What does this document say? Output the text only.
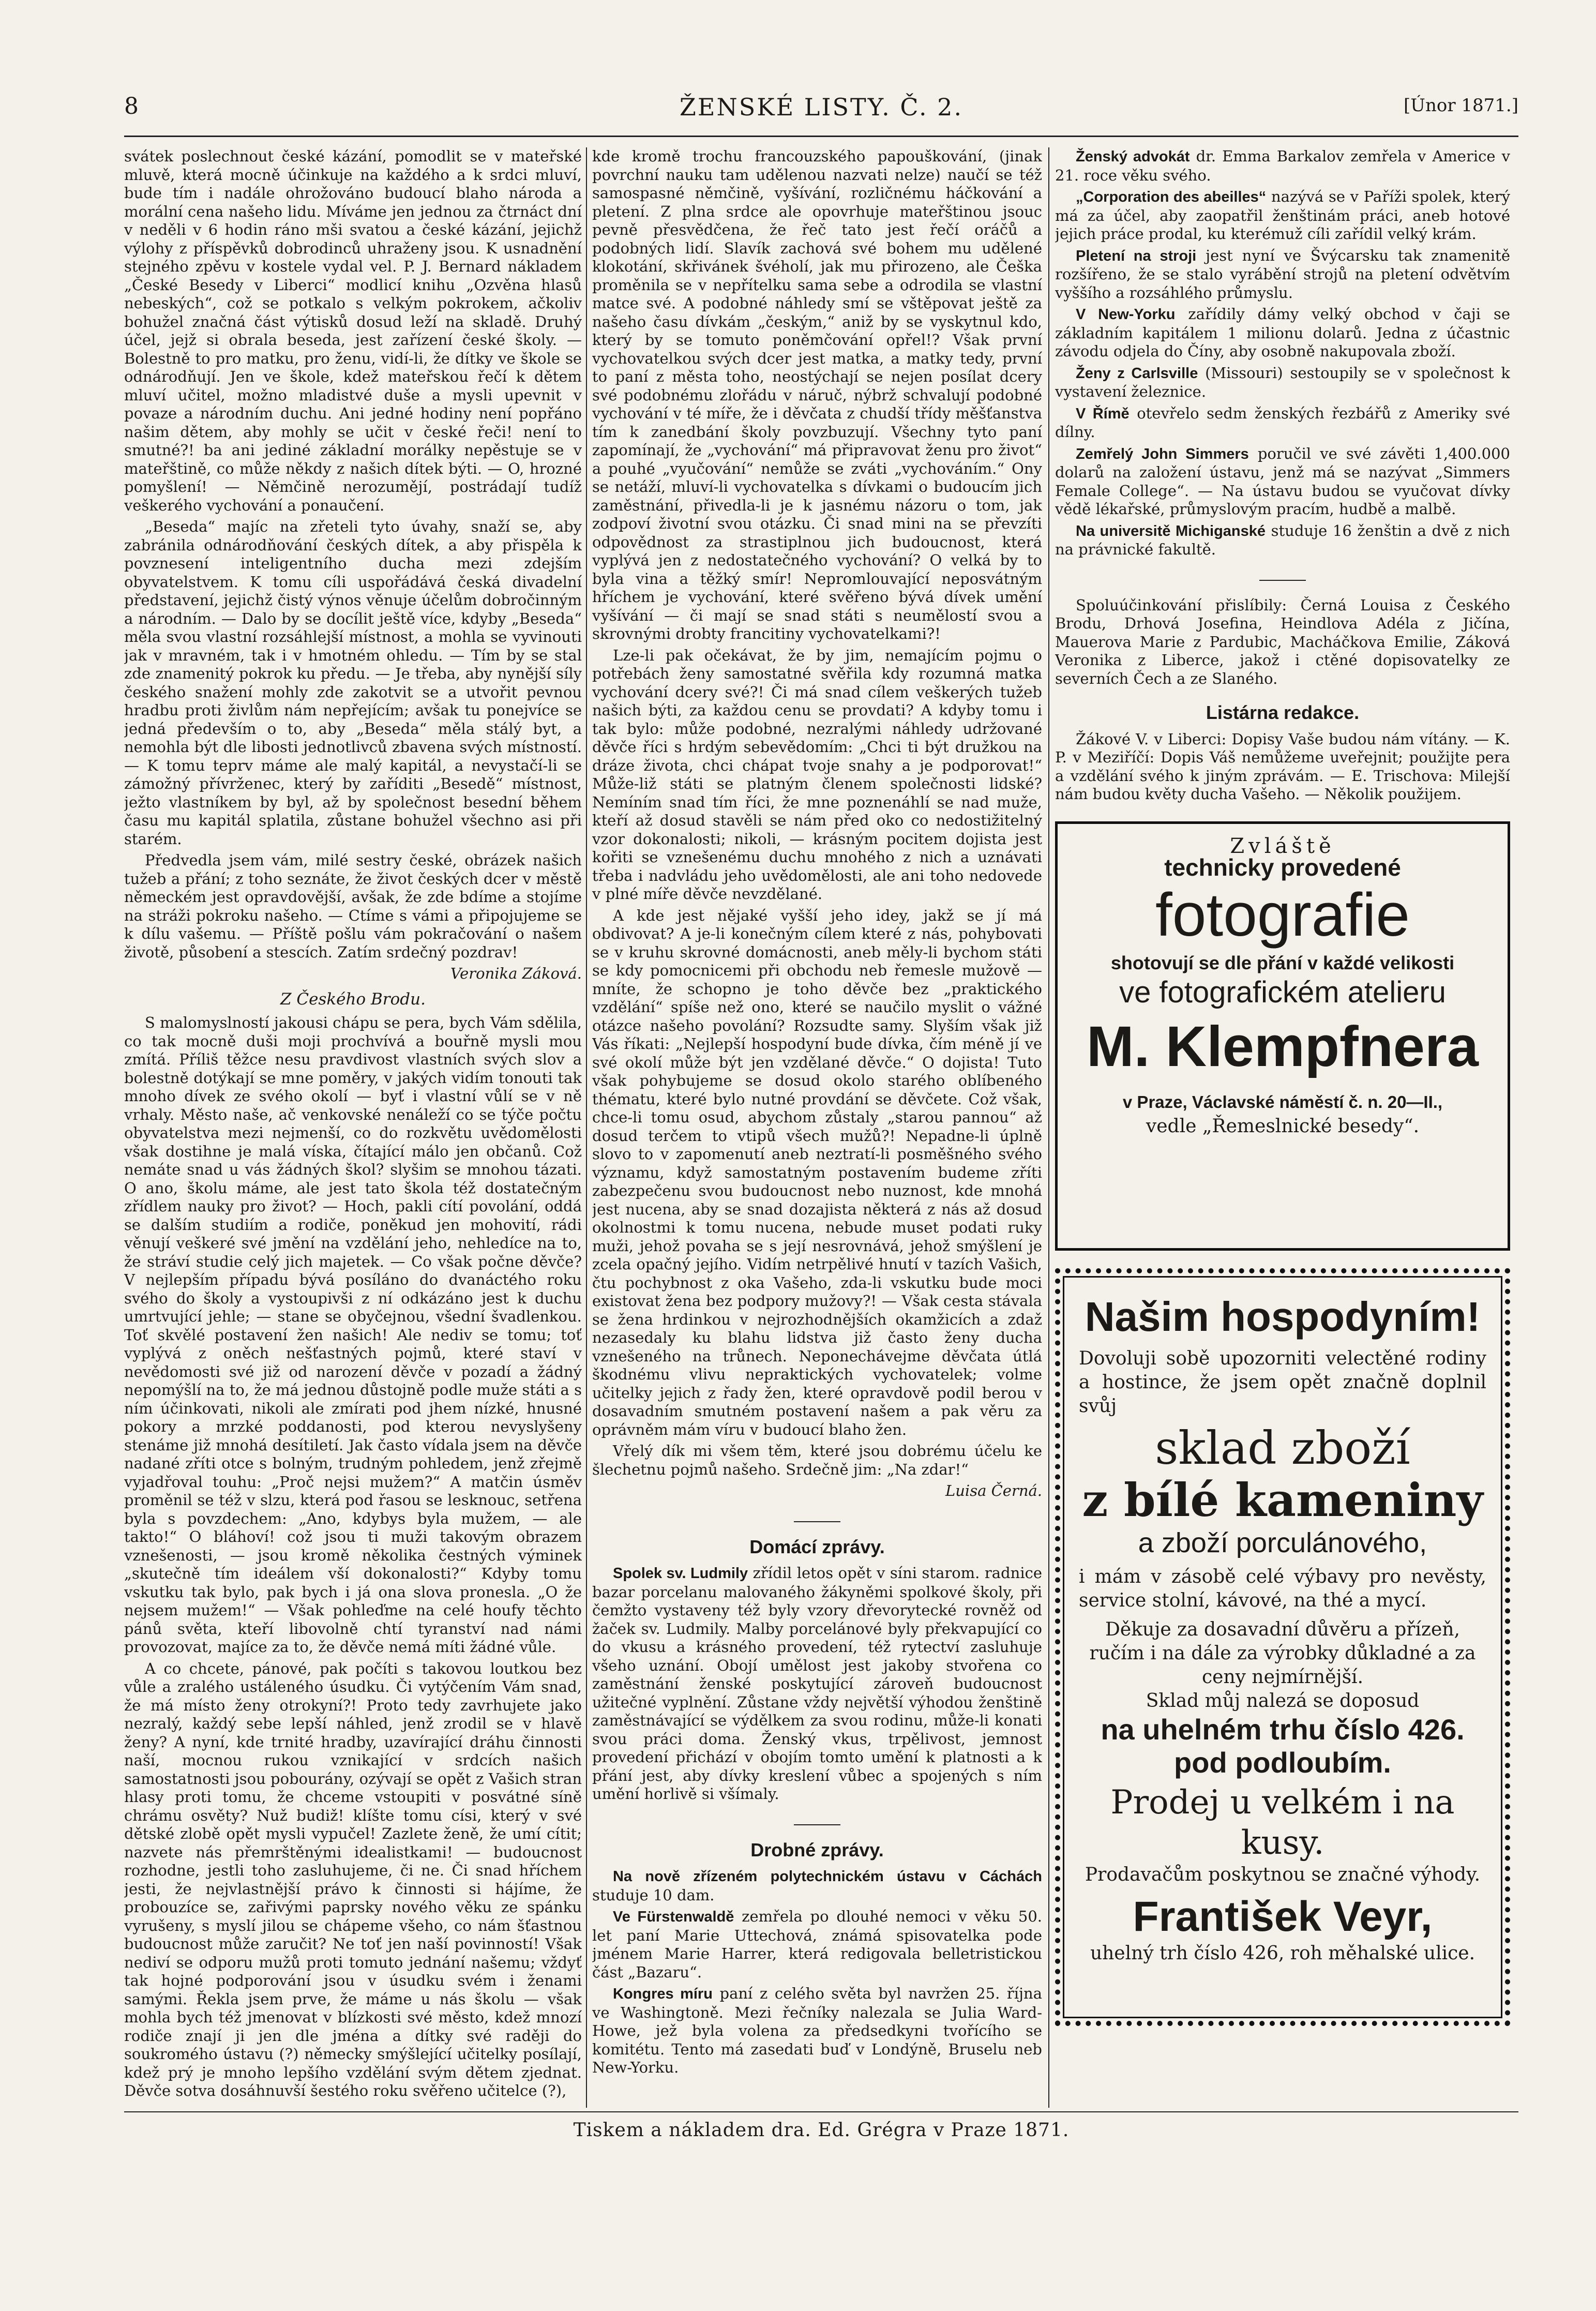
8	ŽENSKÉ LISTY. Č. 2.	[Únor 1871.]

svátek poslechnout české kázání, pomodlit se v mateřské mluvě, která mocně účinkuje na každého a k srdci mluví, bude tím i nadále ohrožováno budoucí blaho národa a morální cena našeho lidu. Míváme jen jednou za čtrnáct dní v neděli v 6 hodin ráno mši svatou a české kázání, jejichž výlohy z příspěvků dobrodinců uhraženy jsou. K usnadnění stejného zpěvu v kostele vydal vel. P. J. Bernard nákladem „České Besedy v Liberci“ modlicí knihu „Ozvěna hlasů nebeských“, což se potkalo s velkým pokrokem, ačkoliv bohužel značná část výtisků dosud leží na skladě. Druhý účel, jejž si obrala beseda, jest zařízení české školy. — Bolestně to pro matku, pro ženu, vidí-li, že dítky ve škole se odnárodňují. Jen ve škole, kdež mateřskou řečí k dětem mluví učitel, možno mladistvé duše a mysli upevnit v povaze a národním duchu. Ani jedné hodiny není popřáno našim dětem, aby mohly se učit v české řeči! není to smutné?! ba ani jediné základní morálky nepěstuje se v mateřštině, co může někdy z našich dítek býti. — O, hrozné pomyšlení! — Němčině nerozumějí, postrádají tudíž veškerého vychování a ponaučení.

„Beseda“ majíc na zřeteli tyto úvahy, snaží se, aby zabránila odnárodňování českých dítek, a aby přispěla k povznesení inteligentního ducha mezi zdejším obyvatelstvem. K tomu cíli uspořádává česká divadelní představení, jejichž čistý výnos věnuje účelům dobročinným a národním. — Dalo by se docílit ještě více, kdyby „Beseda“ měla svou vlastní rozsáhlejší místnost, a mohla se vyvinouti jak v mravném, tak i v hmotném ohledu. — Tím by se stal zde znamenitý pokrok ku předu. — Je třeba, aby nynější síly českého snažení mohly zde zakotvit se a utvořit pevnou hradbu proti živlům nám nepřejícím; avšak tu ponejvíce se jedná především o to, aby „Beseda“ měla stálý byt, a nemohla být dle libosti jednotlivců zbavena svých místností. — K tomu teprv máme ale malý kapitál, a nevystačí-li se zámožný přívrženec, který by zaříditi „Besedě“ místnost, ježto vlastníkem by byl, až by společnost besední během času mu kapitál splatila, zůstane bohužel všechno asi při starém.

Předvedla jsem vám, milé sestry české, obrázek našich tužeb a přání; z toho seznáte, že život českých dcer v městě německém jest opravdovější, avšak, že zde bdíme a stojíme na stráži pokroku našeho. — Ctíme s vámi a připojujeme se k dílu vašemu. — Příště pošlu vám pokračování o našem životě, působení a stescích. Zatím srdečný pozdrav!

Veronika Záková.
Z Českého Brodu.

S malomyslností jakousi chápu se pera, bych Vám sdělila, co tak mocně duši moji prochvívá a bouřně mysli mou zmítá. Příliš těžce nesu pravdivost vlastních svých slov a bolestně dotýkají se mne poměry, v jakých vidím tonouti tak mnoho dívek ze svého okolí — byť i vlastní vůlí se v ně vrhaly. Město naše, ač venkovské nenáleží co se týče počtu obyvatelstva mezi nejmenší, co do rozkvětu uvědomělosti však dostihne je malá víska, čítající málo jen občanů. Což nemáte snad u vás žádných škol? slyšim se mnohou tázati. O ano, školu máme, ale jest tato škola též dostatečným zřídlem nauky pro život? — Hoch, pakli cítí povolání, oddá se dalším studiím a rodiče, poněkud jen mohovití, rádi věnují veškeré své jmění na vzdělání jeho, nehledíce na to, že stráví studie celý jich majetek. — Co však počne děvče? V nejlepším případu bývá posíláno do dvanáctého roku svého do školy a vystoupivši z ní odkázáno jest k duchu umrtvující jehle; — stane se obyčejnou, všední švadlenkou. Toť skvělé postavení žen našich! Ale nediv se tomu; toť vyplývá z oněch nešťastných pojmů, které staví v nevědomosti své již od narození děvče v pozadí a žádný nepomýšlí na to, že má jednou důstojně podle muže státi a s ním účinkovati, nikoli ale zmírati pod jhem nízké, hnusné pokory a mrzké poddanosti, pod kterou nevyslyšeny stenáme již mnohá desítiletí. Jak často vídala jsem na děvče nadané zříti otce s bolným, trudným pohledem, jenž zřejmě vyjadřoval touhu: „Proč nejsi mužem?“ A matčin úsměv proměnil se též v slzu, která pod řasou se lesknouc, setřena byla s povzdechem: „Ano, kdybys byla mužem, — ale takto!“ O bláhoví! což jsou ti muži takovým obrazem vznešenosti, — jsou kromě několika čestných výminek „skutečně tím ideálem vší dokonalosti?“ Kdyby tomu vskutku tak bylo, pak bych i já ona slova pronesla. „O že nejsem mužem!“ — Však pohleďme na celé houfy těchto pánů světa, kteří libovolně chtí tyranství nad námi provozovat, majíce za to, že děvče nemá míti žádné vůle.

A co chcete, pánové, pak počíti s takovou loutkou bez vůle a zralého ustáleného úsudku. Či vytýčením Vám snad, že má místo ženy otrokyní?! Proto tedy zavrhujete jako nezralý, každý sebe lepší náhled, jenž zrodil se v hlavě ženy? A nyní, kde trnité hradby, uzavírající dráhu činnosti naší, mocnou rukou vznikající v srdcích našich samostatnosti jsou pobourány, ozývají se opět z Vašich stran hlasy proti tomu, že chceme vstoupiti v posvátné síně chrámu osvěty? Nuž budiž! klíšte tomu císi, který v své dětské zlobě opět mysli vypučel! Zazlete ženě, že umí cítit; nazvete nás přemrštěnými idealistkami! — budoucnost rozhodne, jestli toho zasluhujeme, či ne. Či snad hříchem jesti, že nejvlastnější právo k činnosti si hájíme, že probouzíce se, zařivými paprsky nového věku ze spánku vyrušeny, s myslí jilou se chápeme všeho, co nám šťastnou budoucnost může zaručit? Ne toť jen naší povinností! Však nediví se odporu mužů proti tomuto jednání našemu; vždyť tak hojné podporování jsou v úsudku svém i ženami samými. Řekla jsem prve, že máme u nás školu — však mohla bych též jmenovat v blízkosti své město, kdež mnozí rodiče znají ji jen dle jména a dítky své raději do soukromého ústavu (?) německy smýšlející učitelky posílají, kdež prý je mnoho lepšího vzdělání svým dětem zjednat. Děvče sotva dosáhnuvší šestého roku svěřeno učitelce (?),

kde kromě trochu francouzského papouškování, (jinak povrchní nauku tam udělenou nazvati nelze) naučí se též samospasné němčině, vyšívání, rozličnému háčkování a pletení. Z plna srdce ale opovrhuje mateřštinou jsouc pevně přesvědčena, že řeč tato jest řečí oráčů a podobných lidí. Slavík zachová své bohem mu udělené klokotání, skřivánek švéholí, jak mu přirozeno, ale Češka proměnila se v nepřítelku sama sebe a odrodila se vlastní matce své. A podobné náhledy smí se vštěpovat ještě za našeho času dívkám „českým,“ aniž by se vyskytnul kdo, který by se tomuto poněmčování opřel!? Však první vychovatelkou svých dcer jest matka, a matky tedy, první to paní z města toho, neostýchají se nejen posílat dcery své podobnému zlořádu v náruč, nýbrž schvalují podobné vychování v té míře, že i děvčata z chudší třídy měšťanstva tím k zanedbání školy povzbuzují. Všechny tyto paní zapomínají, že „vychování“ má připravovat ženu pro život“ a pouhé „vyučování“ nemůže se zváti „vychováním.“ Ony se netáží, mluví-li vychovatelka s dívkami o budoucím jich zaměstnání, přivedla-li je k jasnému názoru o tom, jak zodpoví životní svou otázku. Či snad mini na se převzíti odpovědnost za strastiplnou jich budoucnost, která vyplývá jen z nedostatečného vychování? O velká by to byla vina a těžký smír! Nepromlouvající neposvátným hříchem je vychování, které svěřeno bývá dívek umění vyšívání — či mají se snad státi s neumělostí svou a skrovnými drobty francitiny vychovatelkami?!

Lze-li pak očekávat, že by jim, nemajícím pojmu o potřebách ženy samostatné svěřila kdy rozumná matka vychování dcery své?! Či má snad cílem veškerých tužeb našich býti, za každou cenu se provdati? A kdyby tomu i tak bylo: může podobné, nezralými náhledy udržované děvče říci s hrdým sebevědomím: „Chci ti být družkou na dráze života, chci chápat tvoje snahy a je podporovat!“ Může-liž státi se platným členem společnosti lidské? Nemíním snad tím říci, že mne poznenáhlí se nad muže, kteří až dosud stavěli se nám před oko co nedostižitelný vzor dokonalosti; nikoli, — krásným pocitem dojista jest kořiti se vznešenému duchu mnohého z nich a uznávati třeba i nadvládu jeho uvědomělosti, ale ani toho nedovede v plné míře děvče nevzdělané.

A kde jest nějaké vyšší jeho idey, jakž se jí má obdivovat? A je-li konečným cílem které z nás, pohybovati se v kruhu skrovné domácnosti, aneb měly-li bychom státi se kdy pomocnicemi při obchodu neb řemesle mužově — mníte, že schopno je toho děvče bez „praktického vzdělání“ spíše než ono, které se naučilo myslit o vážné otázce našeho povolání? Rozsudte samy. Slyším však již Vás říkati: „Nejlepší hospodyní bude dívka, čím méně jí ve své okolí může být jen vzdělané děvče.“ O dojista! Tuto však pohybujeme se dosud okolo starého oblíbeného thématu, které bylo nutné provdání se děvčete. Což však, chce-li tomu osud, abychom zůstaly „starou pannou“ až dosud terčem to vtipů všech mužů?! Nepadne-li úplně slovo to v zapomenutí aneb neztratí-li posměšného svého významu, když samostatným postavením budeme zříti zabezpečenu svou budoucnost nebo nuznost, kde mnohá jest nucena, aby se snad dozajista některá z nás až dosud okolnostmi k tomu nucena, nebude muset podati ruky muži, jehož povaha se s její nesrovnává, jehož smýšlení je zcela opačný jejího. Vidím netrpělivé hnutí v tazích Vašich, čtu pochybnost z oka Vašeho, zda-li vskutku bude moci existovat žena bez podpory mužovy?! — Však cesta stávala se žena hrdinkou v nejrozhodnějších okamžicích a zdaž nezasedaly ku blahu lidstva již často ženy ducha vznešeného na trůnech. Neponechávejme děvčata útlá škodnému vlivu nepraktických vychovatelek; volme učitelky jejich z řady žen, které opravdově podil berou v dosavadním smutném postavení našem a pak věru za oprávněm mám víru v budoucí blaho žen.

Vřelý dík mi všem těm, které jsou dobrému účelu ke šlechetnu pojmů našeho. Srdečně jim: „Na zdar!“

Luisa Černá.
Domácí zprávy.

Spolek sv. Ludmily zřídil letos opět v síni starom. radnice bazar porcelanu malovaného žákyněmi spolkové školy, při čemžto vystaveny též byly vzory dřevorytecké rovněž od žaček sv. Ludmily. Malby porcelánové byly překvapující co do vkusu a krásného provedení, též rytectví zasluhuje všeho uznání. Obojí umělost jest jakoby stvořena co zaměstnání ženské poskytující zároveň budoucnost užitečné vyplnění. Zůstane vždy největší výhodou ženštině zaměstnávající se výdělkem za svou rodinu, může-li konati svou práci doma. Ženský vkus, trpělivost, jemnost provedení přichází v obojím tomto umění k platnosti a k přání jest, aby dívky kreslení vůbec a spojených s ním umění horlivě si všímaly.

Drobné zprávy.

Na nově zřízeném polytechnickém ústavu v Cáchách studuje 10 dam.

Ve Fürstenwaldě zemřela po dlouhé nemoci v věku 50. let paní Marie Uttechová, známá spisovatelka pode jménem Marie Harrer, která redigovala belletristickou část „Bazaru“.

Kongres míru paní z celého světa byl navržen 25. října ve Washingtoně. Mezi řečníky nalezala se Julia Ward-Howe, jež byla volena za předsedkyni tvořícího se komitétu. Tento má zasedati buď v Londýně, Bruselu neb New-Yorku.

Ženský advokát dr. Emma Barkalov zemřela v Americe v 21. roce věku svého.

„Corporation des abeilles“ nazývá se v Paříži spolek, který má za účel, aby zaopatřil ženštinám práci, aneb hotové jejich práce prodal, ku kterémuž cíli zařídil velký krám.

Pletení na stroji jest nyní ve Švýcarsku tak znamenitě rozšířeno, že se stalo vyrábění strojů na pletení odvětvím vyššího a rozsáhlého průmyslu.

V New-Yorku zařídily dámy velký obchod v čaji se základním kapitálem 1 milionu dolarů. Jedna z účastnic závodu odjela do Číny, aby osobně nakupovala zboží.

Ženy z Carlsville (Missouri) sestoupily se v společnost k vystavení železnice.

V Římě otevřelo sedm ženských řezbářů z Ameriky své dílny.

Zemřelý John Simmers poručil ve své závěti 1,400.000 dolarů na založení ústavu, jenž má se nazývat „Simmers Female College“. — Na ústavu budou se vyučovat dívky vědě lékařské, průmyslovým pracím, hudbě a malbě.

Na universitě Michiganské studuje 16 ženštin a dvě z nich na právnické fakultě.

Spoluúčinkování přislíbily: Černá Louisa z Českého Brodu, Drhová Josefina, Heindlova Adéla z Jičína, Mauerova Marie z Pardubic, Macháčkova Emilie, Záková Veronika z Liberce, jakož i ctěné dopisovatelky ze severních Čech a ze Slaného.

Listárna redakce.

Žákové V. v Liberci: Dopisy Vaše budou nám vítány. — K. P. v Meziříčí: Dopis Váš nemůžeme uveřejnit; použijte pera a vzdělání svého k jiným zprávám. — E. Trischova: Milejší nám budou květy ducha Vašeho. — Několik použijem.

Zvláště
technicky provedené
fotografie
shotovují se dle přání v každé velikosti
ve fotografickém atelieru
M. Klempfnera
v Praze, Václavské náměstí č. n. 20—II.,
vedle „Řemeslnické besedy“.
Našim hospodyním!
Dovoluji sobě upozorniti velectěné rodiny a hostince, že jsem opět značně doplnil svůj
sklad zboží
z bílé kameniny
a zboží porculánového,
i mám v zásobě celé výbavy pro nevěsty, service stolní, kávové, na thé a mycí.
Děkuje za dosavadní důvěru a přízeň, ručím i na dále za výrobky důkladné a za ceny nejmírnější.
Sklad můj nalezá se doposud
na uhelném trhu číslo 426.
pod podloubím.
Prodej u velkém i na kusy.
Prodavačům poskytnou se značné výhody.
František Veyr,
uhelný trh číslo 426, roh měhalské ulice.
Tiskem a nákladem dra. Ed. Grégra v Praze 1871.
